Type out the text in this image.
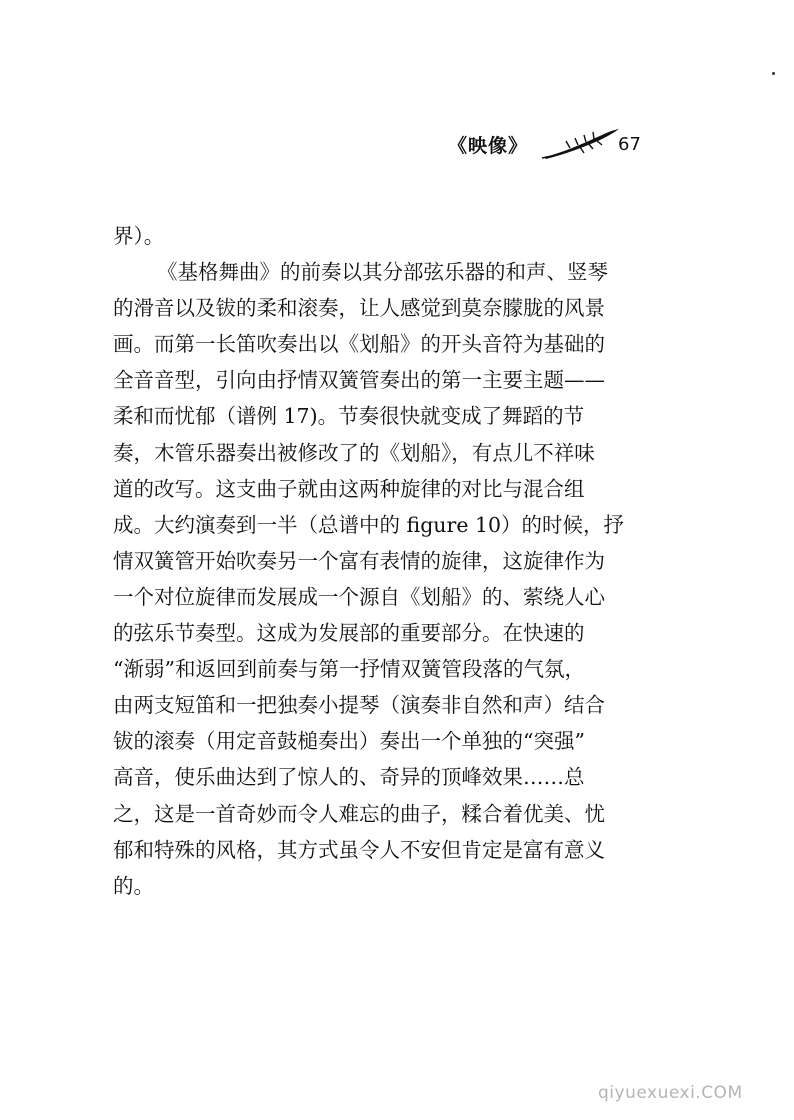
《映像》	67
界）。
《基格舞曲》的前奏以其分部弦乐器的和声、竖琴
的滑音以及钹的柔和滚奏，让人感觉到莫奈朦胧的风景
画。而第一长笛吹奏出以《划船》的开头音符为基础的
全音音型，引向由抒情双簧管奏出的第一主要主题——
柔和而忧郁（谱例 17)。节奏很快就变成了舞蹈的节
奏，木管乐器奏出被修改了的《划船》，有点儿不祥味
道的改写。这支曲子就由这两种旋律的对比与混合组
成。大约演奏到一半（总谱中的 figure 10）的时候，抒
情双簧管开始吹奏另一个富有表情的旋律，这旋律作为
一个对位旋律而发展成一个源自《划船》的、萦绕人心
的弦乐节奏型。这成为发展部的重要部分。在快速的
“渐弱”和返回到前奏与第一抒情双簧管段落的气氛，
由两支短笛和一把独奏小提琴（演奏非自然和声）结合
钹的滚奏（用定音鼓槌奏出）奏出一个单独的“突强”
高音，使乐曲达到了惊人的、奇异的顶峰效果……总
之，这是一首奇妙而令人难忘的曲子，糅合着优美、忧
郁和特殊的风格，其方式虽令人不安但肯定是富有意义
的。
qiyuexuexi.COM
